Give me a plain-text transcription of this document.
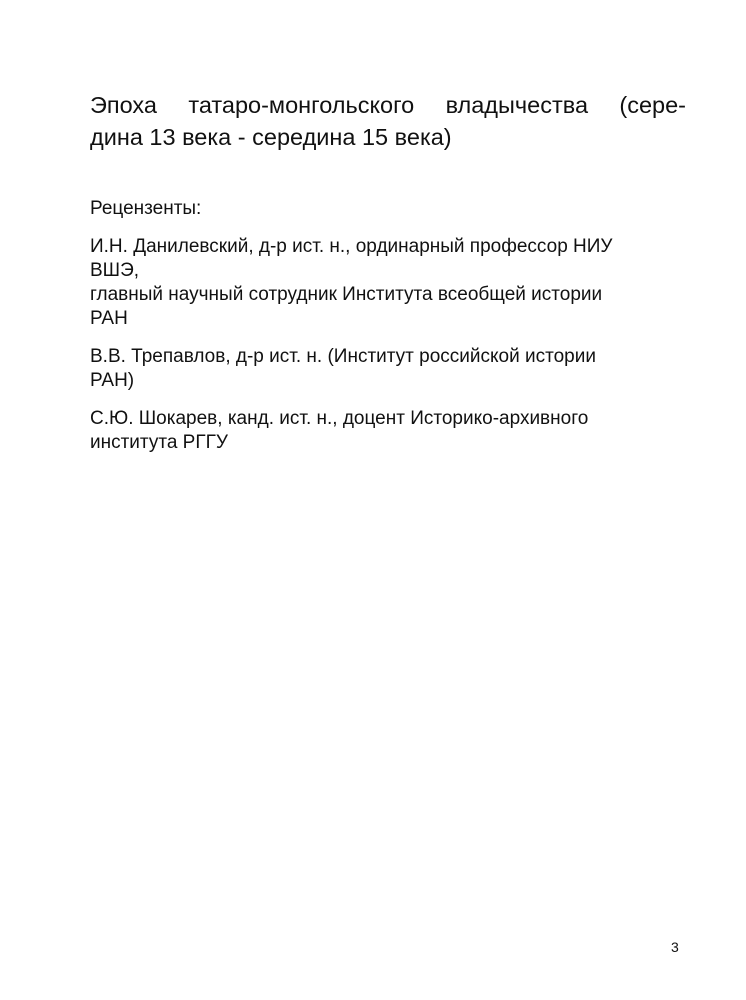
Эпоха татаро-монгольского владычества (сере-
дина 13 века - середина 15 века)

Рецензенты:

И.Н. Данилевский, д-р ист. н., ординарный профессор НИУ
ВШЭ,
главный научный сотрудник Института всеобщей истории
РАН
В.В. Трепавлов, д-р ист. н. (Институт российской истории
РАН)
С.Ю. Шокарев, канд. ист. н., доцент Историко-архивного
института РГГУ
3
